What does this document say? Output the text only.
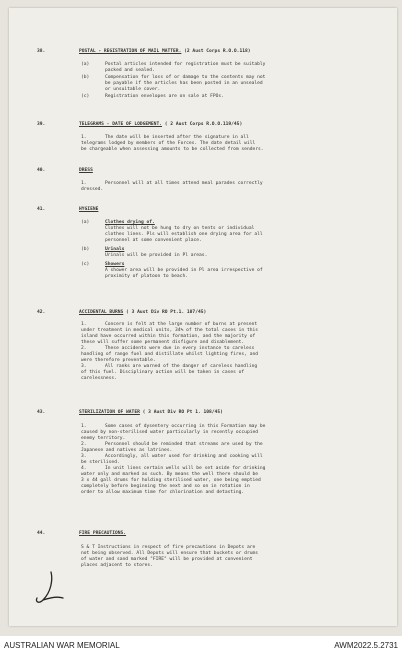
38.	POSTAL - REGISTRATION OF MAIL MATTER. (2 Aust Corps R.O.O.118)
(a)	Postal articles intended for registration must be suitably
packed and sealed.
(b)	Compensation for loss of or damage to the contents may not
be payable if the articles has been posted in an unsealed
or unsuitable cover.
(c)	Registration envelopes are on sale at FPOs.
39.	TELEGRAMS - DATE OF LODGEMENT. ( 2 Aust Corps R.O.O.119/45)
1.	The date will be inserted after the signature in all
telegrams lodged by members of the Forces. The date detail will
be chargeable when assessing amounts to be collected from senders.
40.	DRESS
1.	Personnel will at all times attend meal parades correctly
dressed.
41.	HYGIENE
(a)	Clothes drying of.
Clothes will not be hung to dry on tents or individual
clothes lines. Pls will establish one drying area for all
personnel at some convenient place.
(b)	Urinals
Urinals will be provided in Pl areas.
(c)	Showers
A shower area will be provided in Pl area irrespective of
proximity of platoon to beach.
42.	ACCIDENTAL BURNS ( 3 Aust Div RO Pt.1. 107/45)
1.	Concern is felt at the large number of burns at present
under treatment in medical units, 34% of the total cases in this
island have occurred within this formation, and the majority of
these will suffer some permanent disfigure and disablement.
2.	These accidents were due in every instance to careless
handling of range fuel and distillate whilst lighting fires, and
were therefore preventable.
3.	All ranks are warned of the danger of careless handling
of this fuel. Disciplinary action will be taken in cases of
carelessness.
43.	STERILIZATION OF WATER ( 3 Aust Div RO Pt 1. 108/45)
1.	Some cases of dysentery occurring in this Formation may be
caused by non-sterilised water particularly in recently occupied
enemy territory.
2.	Personnel should be reminded that streams are used by the
Japanese and natives as latrines.
3.	Accordingly, all water used for drinking and cooking will
be sterilised.
4.	In unit lines certain wells will be set aside for drinking
water only and marked as such. By means the well there should be
3 x 44 gall drums for holding sterilised water, one being emptied
completely before beginning the next and so on in rotation in
order to allow maximum time for chlorination and detasting.
44.	FIRE PRECAUTIONS.
S & T Instructions in respect of fire precautions in Depots are
not being observed. All Depots will ensure that buckets or drums
of water and sand marked "FIRE" will be provided at convenient
places adjacent to stores.
AUSTRALIAN WAR MEMORIAL	AWM2022.5.2731
